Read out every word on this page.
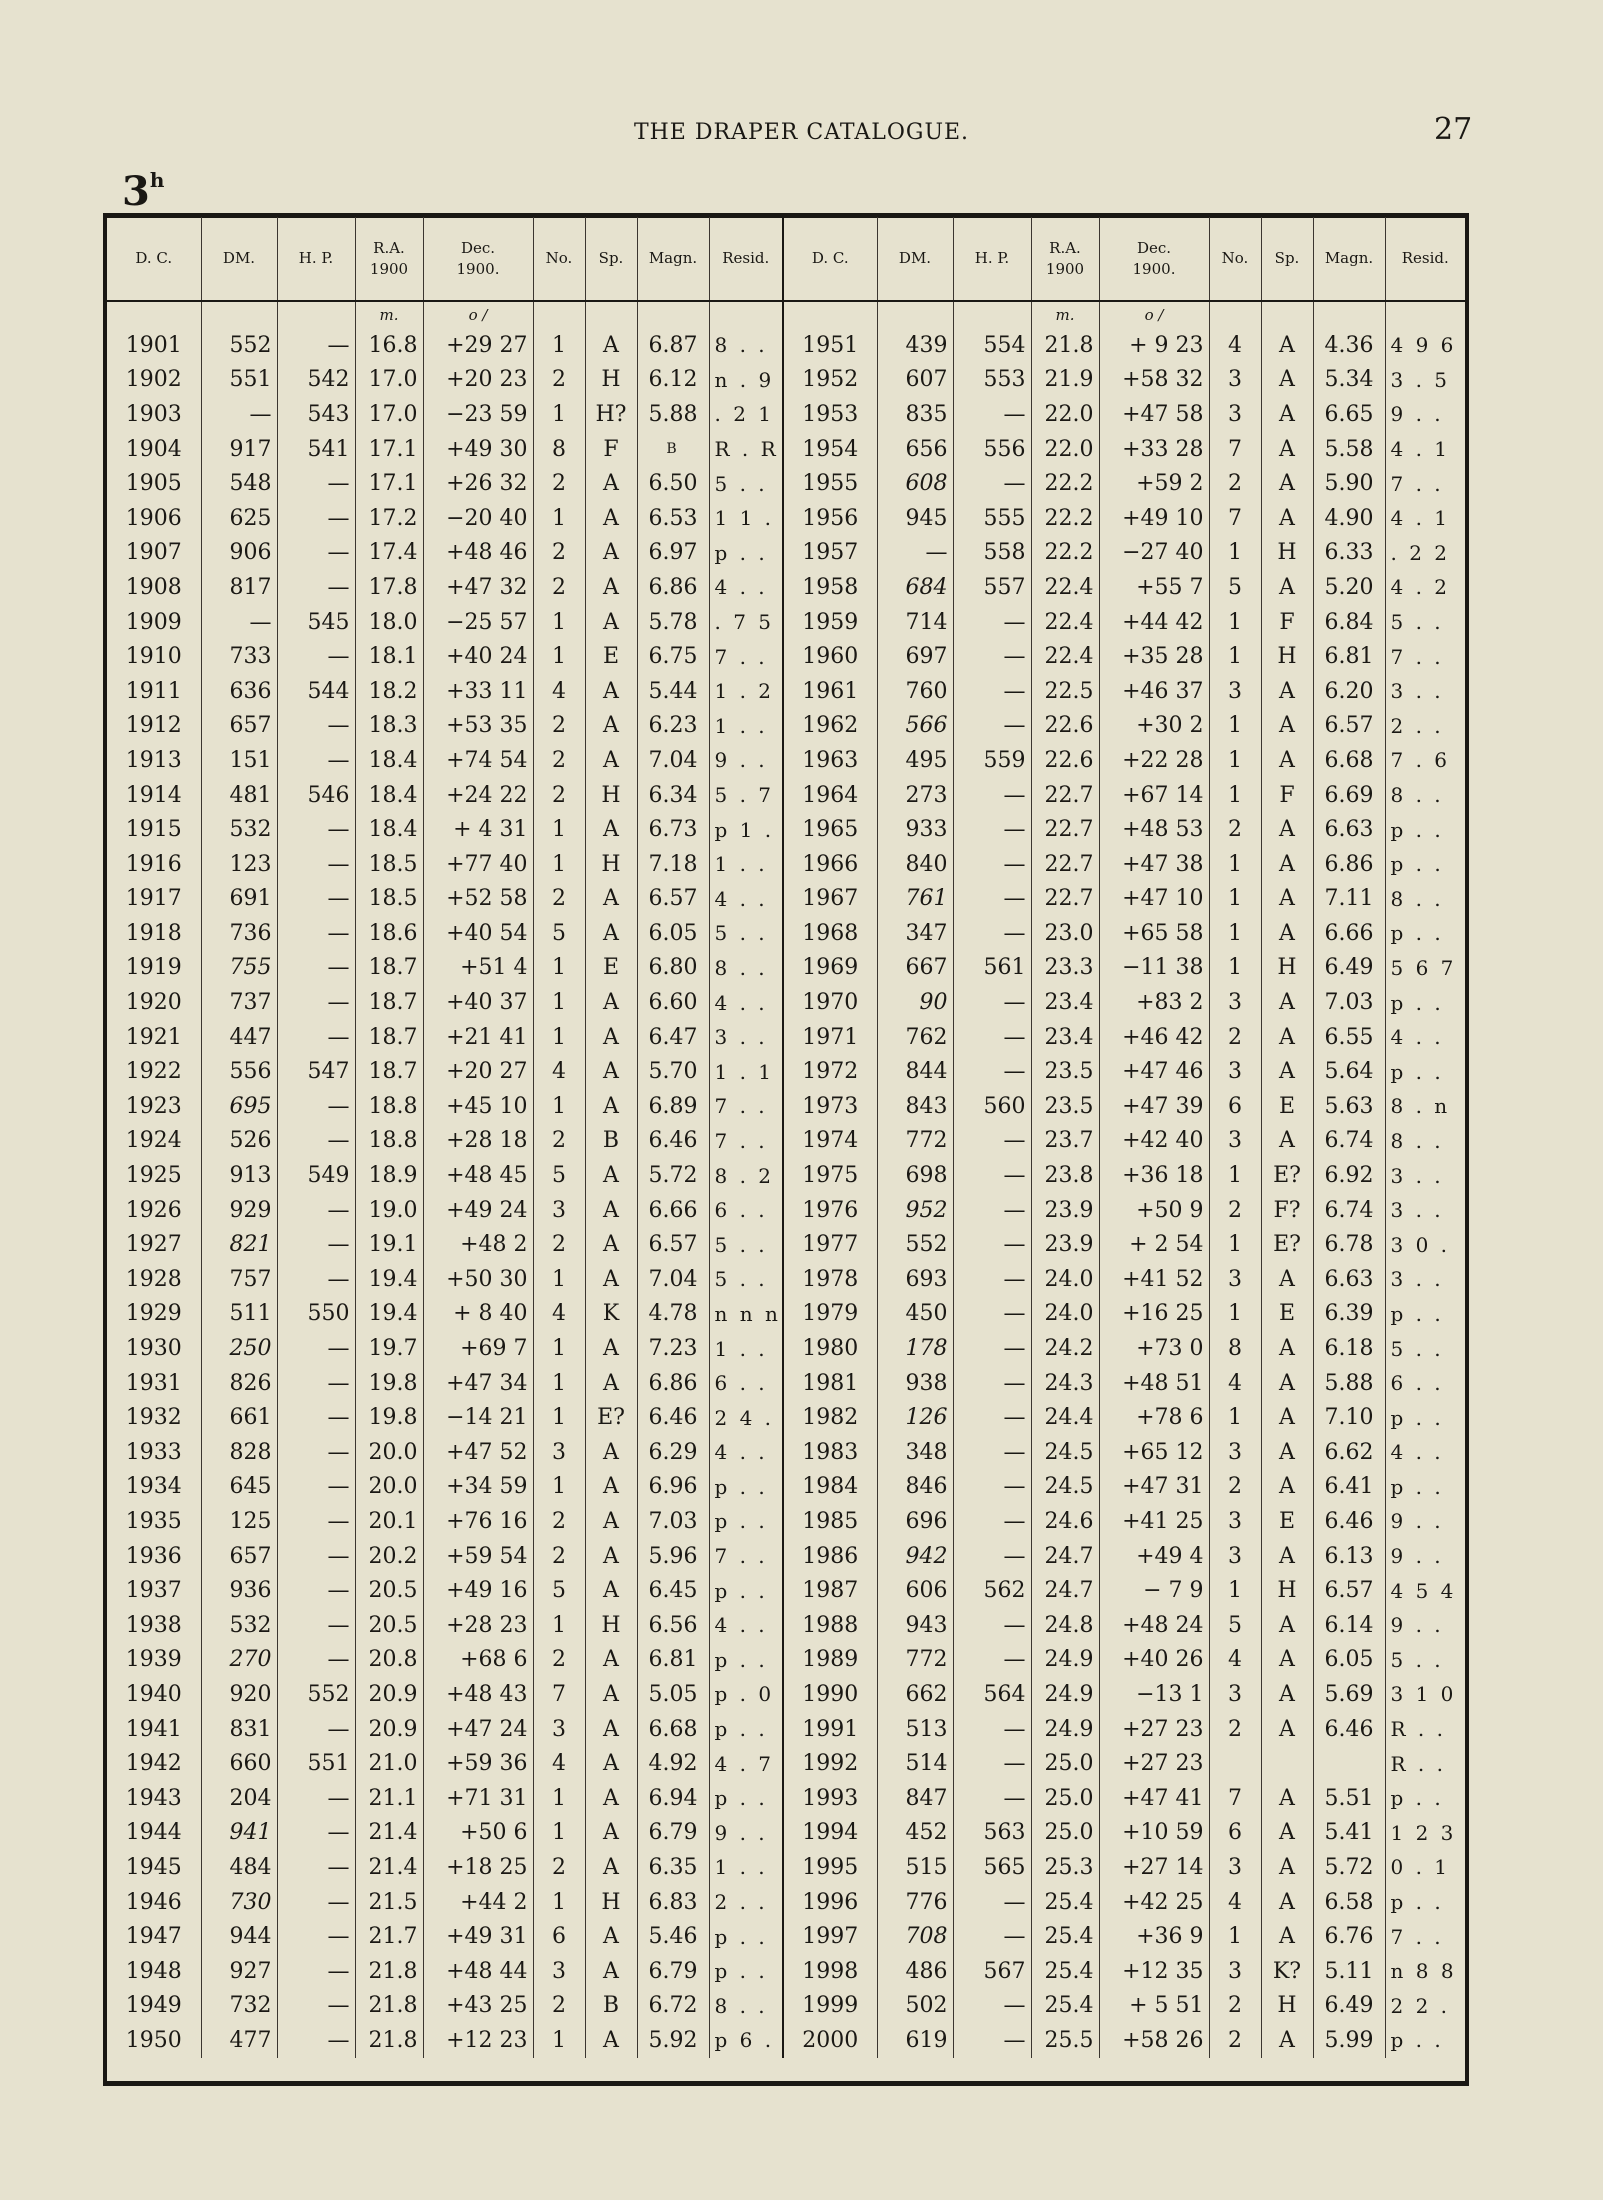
THE DRAPER CATALOGUE.	27
3$^h$
D. C.	DM.	H. P.	R.A.
1900	Dec.
1900.	No.	Sp.	Magn.	Resid.	D. C.	DM.	H. P.	R.A.
1900	Dec.
1900.	No.	Sp.	Magn.	Resid.
			m.	o /								m.	o /				
1901	552	—	16.8	+29 27	1	A	6.87	8 . .	1951	439	554	21.8	+ 9 23	4	A	4.36	4 9 6
1902	551	542	17.0	+20 23	2	H	6.12	n . 9	1952	607	553	21.9	+58 32	3	A	5.34	3 . 5
1903	—	543	17.0	−23 59	1	H?	5.88	. 2 1	1953	835	—	22.0	+47 58	3	A	6.65	9 . .
1904	917	541	17.1	+49 30	8	F	B	R . R	1954	656	556	22.0	+33 28	7	A	5.58	4 . 1
1905	548	—	17.1	+26 32	2	A	6.50	5 . .	1955	608	—	22.2	+59 2	2	A	5.90	7 . .
1906	625	—	17.2	−20 40	1	A	6.53	1 1 .	1956	945	555	22.2	+49 10	7	A	4.90	4 . 1
1907	906	—	17.4	+48 46	2	A	6.97	p . .	1957	—	558	22.2	−27 40	1	H	6.33	. 2 2
1908	817	—	17.8	+47 32	2	A	6.86	4 . .	1958	684	557	22.4	+55 7	5	A	5.20	4 . 2
1909	—	545	18.0	−25 57	1	A	5.78	. 7 5	1959	714	—	22.4	+44 42	1	F	6.84	5 . .
1910	733	—	18.1	+40 24	1	E	6.75	7 . .	1960	697	—	22.4	+35 28	1	H	6.81	7 . .
1911	636	544	18.2	+33 11	4	A	5.44	1 . 2	1961	760	—	22.5	+46 37	3	A	6.20	3 . .
1912	657	—	18.3	+53 35	2	A	6.23	1 . .	1962	566	—	22.6	+30 2	1	A	6.57	2 . .
1913	151	—	18.4	+74 54	2	A	7.04	9 . .	1963	495	559	22.6	+22 28	1	A	6.68	7 . 6
1914	481	546	18.4	+24 22	2	H	6.34	5 . 7	1964	273	—	22.7	+67 14	1	F	6.69	8 . .
1915	532	—	18.4	+ 4 31	1	A	6.73	p 1 .	1965	933	—	22.7	+48 53	2	A	6.63	p . .
1916	123	—	18.5	+77 40	1	H	7.18	1 . .	1966	840	—	22.7	+47 38	1	A	6.86	p . .
1917	691	—	18.5	+52 58	2	A	6.57	4 . .	1967	761	—	22.7	+47 10	1	A	7.11	8 . .
1918	736	—	18.6	+40 54	5	A	6.05	5 . .	1968	347	—	23.0	+65 58	1	A	6.66	p . .
1919	755	—	18.7	+51 4	1	E	6.80	8 . .	1969	667	561	23.3	−11 38	1	H	6.49	5 6 7
1920	737	—	18.7	+40 37	1	A	6.60	4 . .	1970	90	—	23.4	+83 2	3	A	7.03	p . .
1921	447	—	18.7	+21 41	1	A	6.47	3 . .	1971	762	—	23.4	+46 42	2	A	6.55	4 . .
1922	556	547	18.7	+20 27	4	A	5.70	1 . 1	1972	844	—	23.5	+47 46	3	A	5.64	p . .
1923	695	—	18.8	+45 10	1	A	6.89	7 . .	1973	843	560	23.5	+47 39	6	E	5.63	8 . n
1924	526	—	18.8	+28 18	2	B	6.46	7 . .	1974	772	—	23.7	+42 40	3	A	6.74	8 . .
1925	913	549	18.9	+48 45	5	A	5.72	8 . 2	1975	698	—	23.8	+36 18	1	E?	6.92	3 . .
1926	929	—	19.0	+49 24	3	A	6.66	6 . .	1976	952	—	23.9	+50 9	2	F?	6.74	3 . .
1927	821	—	19.1	+48 2	2	A	6.57	5 . .	1977	552	—	23.9	+ 2 54	1	E?	6.78	3 0 .
1928	757	—	19.4	+50 30	1	A	7.04	5 . .	1978	693	—	24.0	+41 52	3	A	6.63	3 . .
1929	511	550	19.4	+ 8 40	4	K	4.78	n n n	1979	450	—	24.0	+16 25	1	E	6.39	p . .
1930	250	—	19.7	+69 7	1	A	7.23	1 . .	1980	178	—	24.2	+73 0	8	A	6.18	5 . .
1931	826	—	19.8	+47 34	1	A	6.86	6 . .	1981	938	—	24.3	+48 51	4	A	5.88	6 . .
1932	661	—	19.8	−14 21	1	E?	6.46	2 4 .	1982	126	—	24.4	+78 6	1	A	7.10	p . .
1933	828	—	20.0	+47 52	3	A	6.29	4 . .	1983	348	—	24.5	+65 12	3	A	6.62	4 . .
1934	645	—	20.0	+34 59	1	A	6.96	p . .	1984	846	—	24.5	+47 31	2	A	6.41	p . .
1935	125	—	20.1	+76 16	2	A	7.03	p . .	1985	696	—	24.6	+41 25	3	E	6.46	9 . .
1936	657	—	20.2	+59 54	2	A	5.96	7 . .	1986	942	—	24.7	+49 4	3	A	6.13	9 . .
1937	936	—	20.5	+49 16	5	A	6.45	p . .	1987	606	562	24.7	− 7 9	1	H	6.57	4 5 4
1938	532	—	20.5	+28 23	1	H	6.56	4 . .	1988	943	—	24.8	+48 24	5	A	6.14	9 . .
1939	270	—	20.8	+68 6	2	A	6.81	p . .	1989	772	—	24.9	+40 26	4	A	6.05	5 . .
1940	920	552	20.9	+48 43	7	A	5.05	p . 0	1990	662	564	24.9	−13 1	3	A	5.69	3 1 0
1941	831	—	20.9	+47 24	3	A	6.68	p . .	1991	513	—	24.9	+27 23	2	A	6.46	R . .
1942	660	551	21.0	+59 36	4	A	4.92	4 . 7	1992	514	—	25.0	+27 23				R . .
1943	204	—	21.1	+71 31	1	A	6.94	p . .	1993	847	—	25.0	+47 41	7	A	5.51	p . .
1944	941	—	21.4	+50 6	1	A	6.79	9 . .	1994	452	563	25.0	+10 59	6	A	5.41	1 2 3
1945	484	—	21.4	+18 25	2	A	6.35	1 . .	1995	515	565	25.3	+27 14	3	A	5.72	0 . 1
1946	730	—	21.5	+44 2	1	H	6.83	2 . .	1996	776	—	25.4	+42 25	4	A	6.58	p . .
1947	944	—	21.7	+49 31	6	A	5.46	p . .	1997	708	—	25.4	+36 9	1	A	6.76	7 . .
1948	927	—	21.8	+48 44	3	A	6.79	p . .	1998	486	567	25.4	+12 35	3	K?	5.11	n 8 8
1949	732	—	21.8	+43 25	2	B	6.72	8 . .	1999	502	—	25.4	+ 5 51	2	H	6.49	2 2 .
1950	477	—	21.8	+12 23	1	A	5.92	p 6 .	2000	619	—	25.5	+58 26	2	A	5.99	p . .
